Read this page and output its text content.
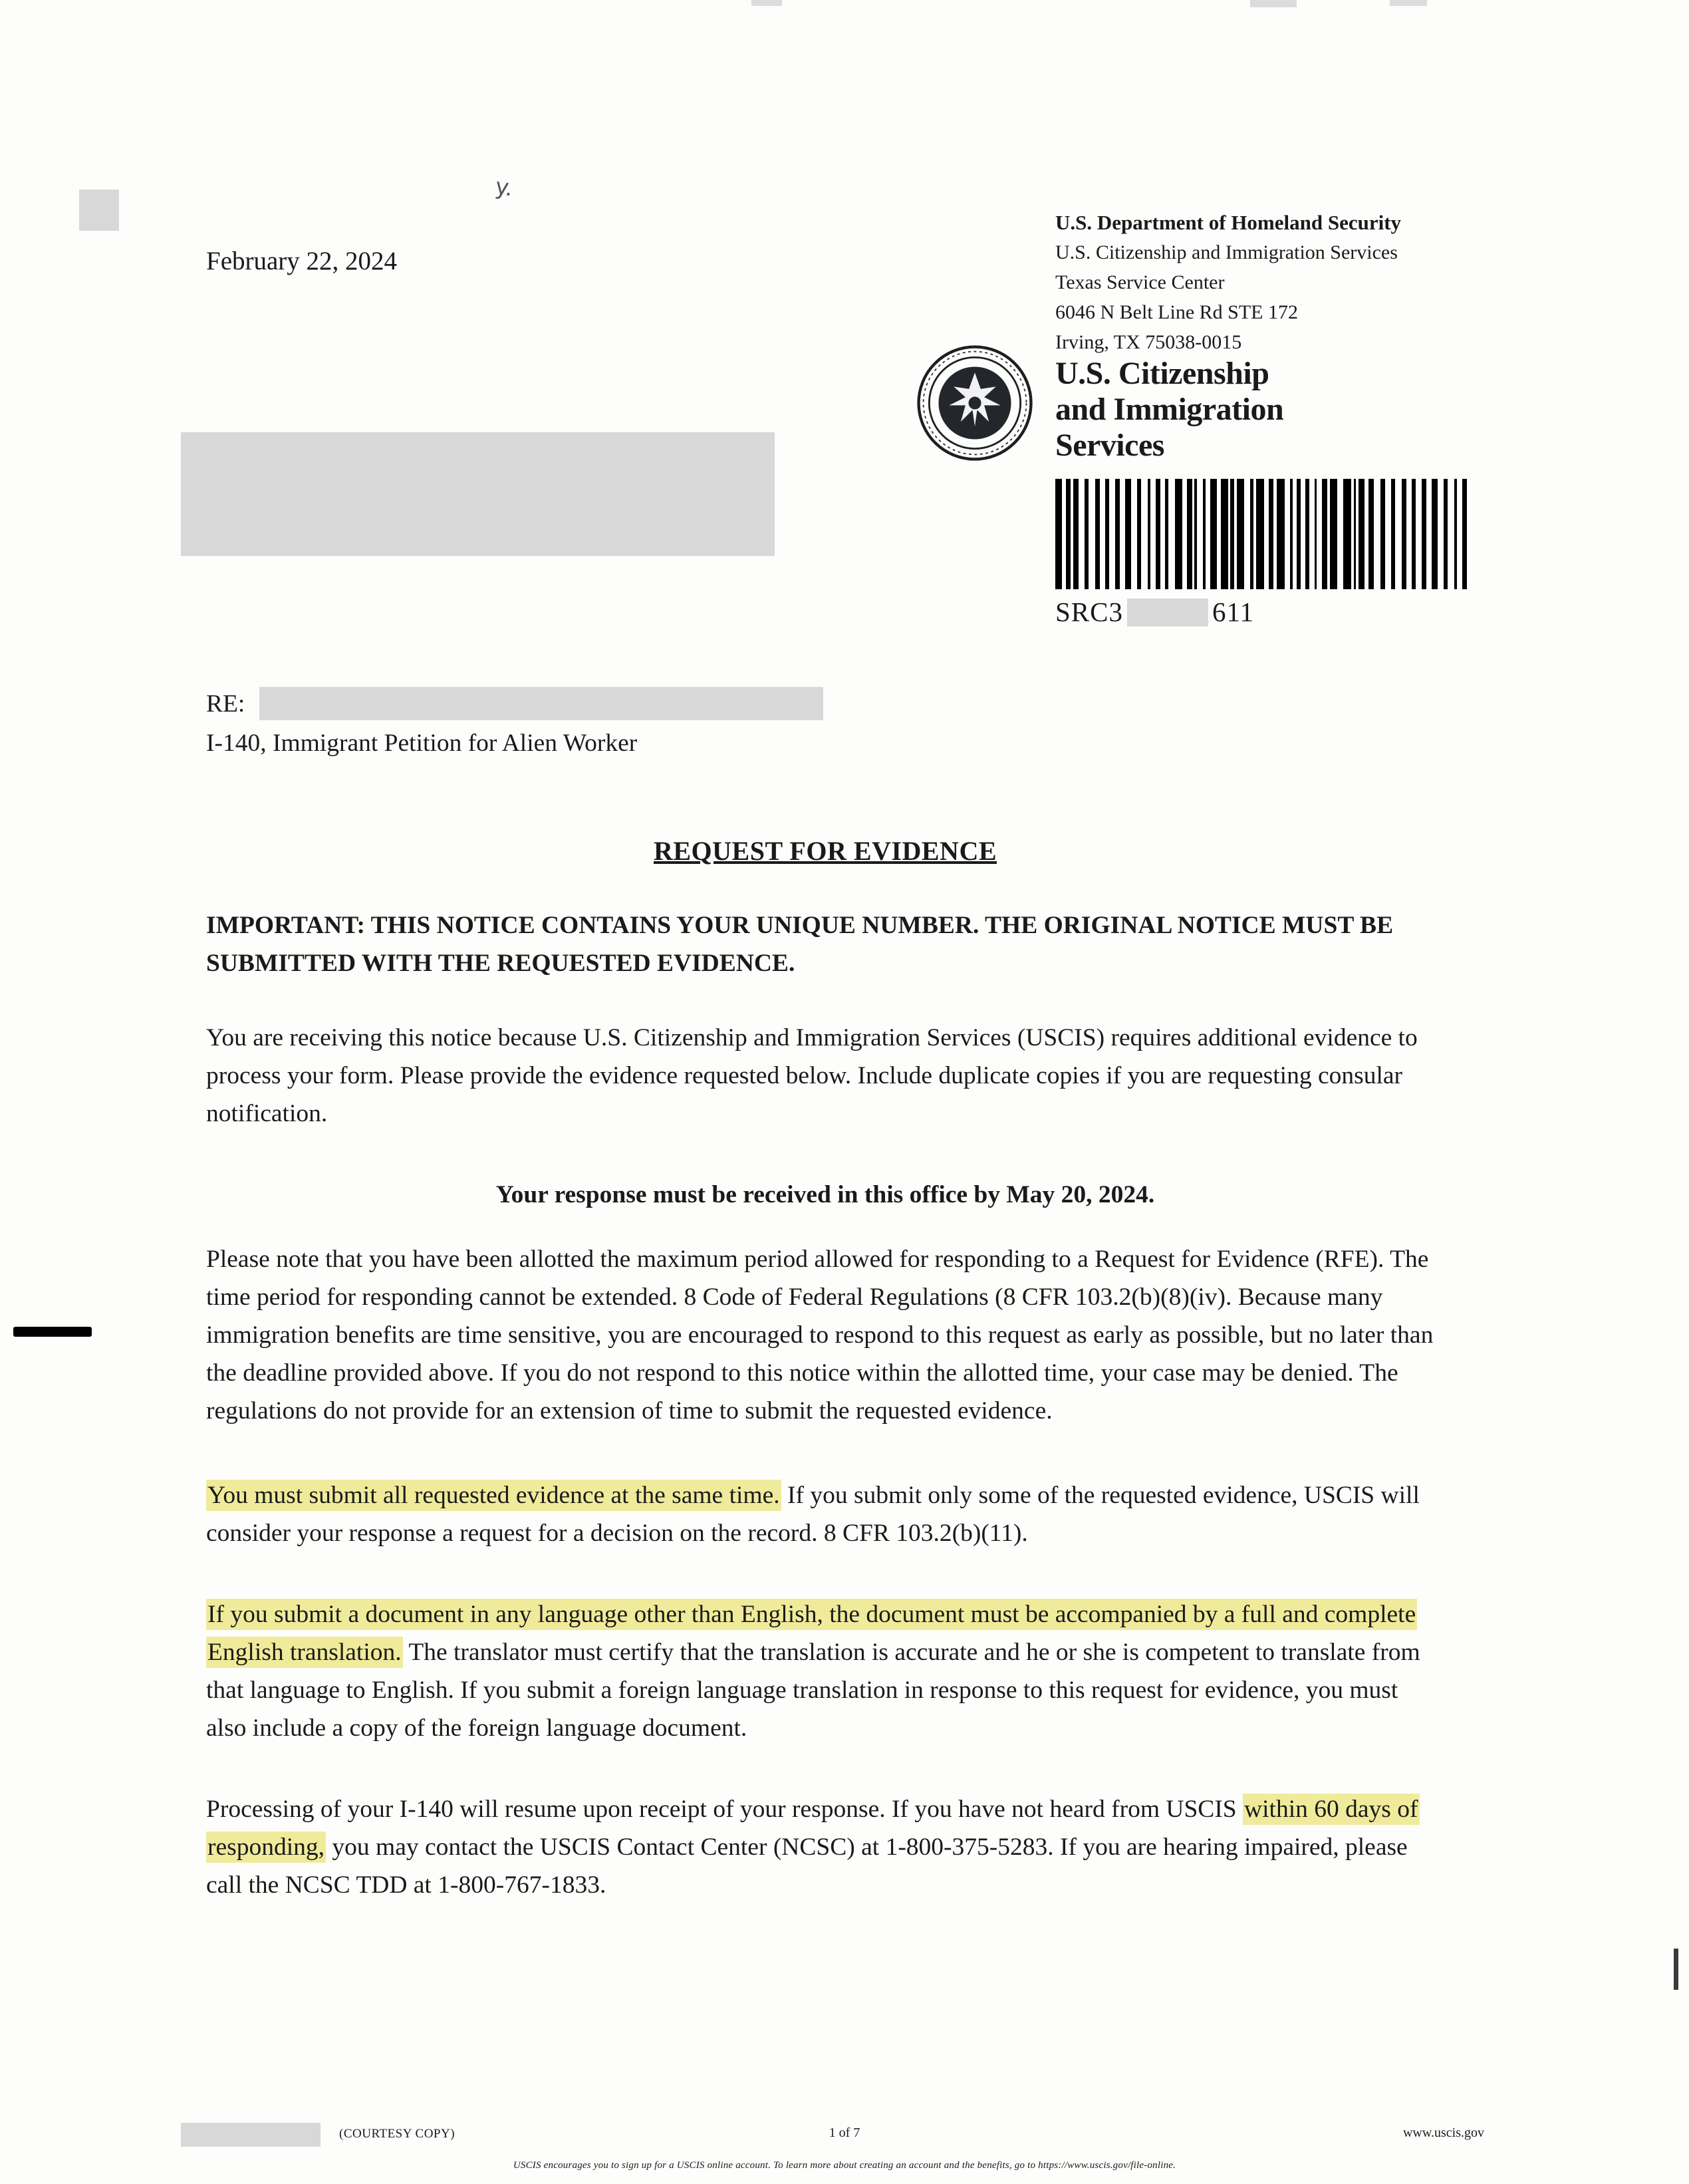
y.
February 22, 2024
U.S. Department of Homeland Security
U.S. Citizenship and Immigration Services
Texas Service Center
6046 N Belt Line Rd STE 172
Irving, TX 75038-0015
U.S. Citizenship
and Immigration
Services
SRC3	611
RE:
I-140, Immigrant Petition for Alien Worker
REQUEST FOR EVIDENCE
IMPORTANT: THIS NOTICE CONTAINS YOUR UNIQUE NUMBER. THE ORIGINAL NOTICE MUST BE SUBMITTED WITH THE REQUESTED EVIDENCE.
You are receiving this notice because U.S. Citizenship and Immigration Services (USCIS) requires additional evidence to process your form. Please provide the evidence requested below. Include duplicate copies if you are requesting consular notification.
Your response must be received in this office by May 20, 2024.
Please note that you have been allotted the maximum period allowed for responding to a Request for Evidence (RFE). The time period for responding cannot be extended. 8 Code of Federal Regulations (8 CFR 103.2(b)(8)(iv). Because many immigration benefits are time sensitive, you are encouraged to respond to this request as early as possible, but no later than the deadline provided above. If you do not respond to this notice within the allotted time, your case may be denied. The regulations do not provide for an extension of time to submit the requested evidence.
You must submit all requested evidence at the same time. If you submit only some of the requested evidence, USCIS will consider your response a request for a decision on the record. 8 CFR 103.2(b)(11).
If you submit a document in any language other than English, the document must be accompanied by a full and complete English translation. The translator must certify that the translation is accurate and he or she is competent to translate from that language to English. If you submit a foreign language translation in response to this request for evidence, you must also include a copy of the foreign language document.
Processing of your I-140 will resume upon receipt of your response. If you have not heard from USCIS within 60 days of responding, you may contact the USCIS Contact Center (NCSC) at 1-800-375-5283. If you are hearing impaired, please call the NCSC TDD at 1-800-767-1833.
(COURTESY COPY)	1 of 7	www.uscis.gov
USCIS encourages you to sign up for a USCIS online account. To learn more about creating an account and the benefits, go to https://www.uscis.gov/file-online.
